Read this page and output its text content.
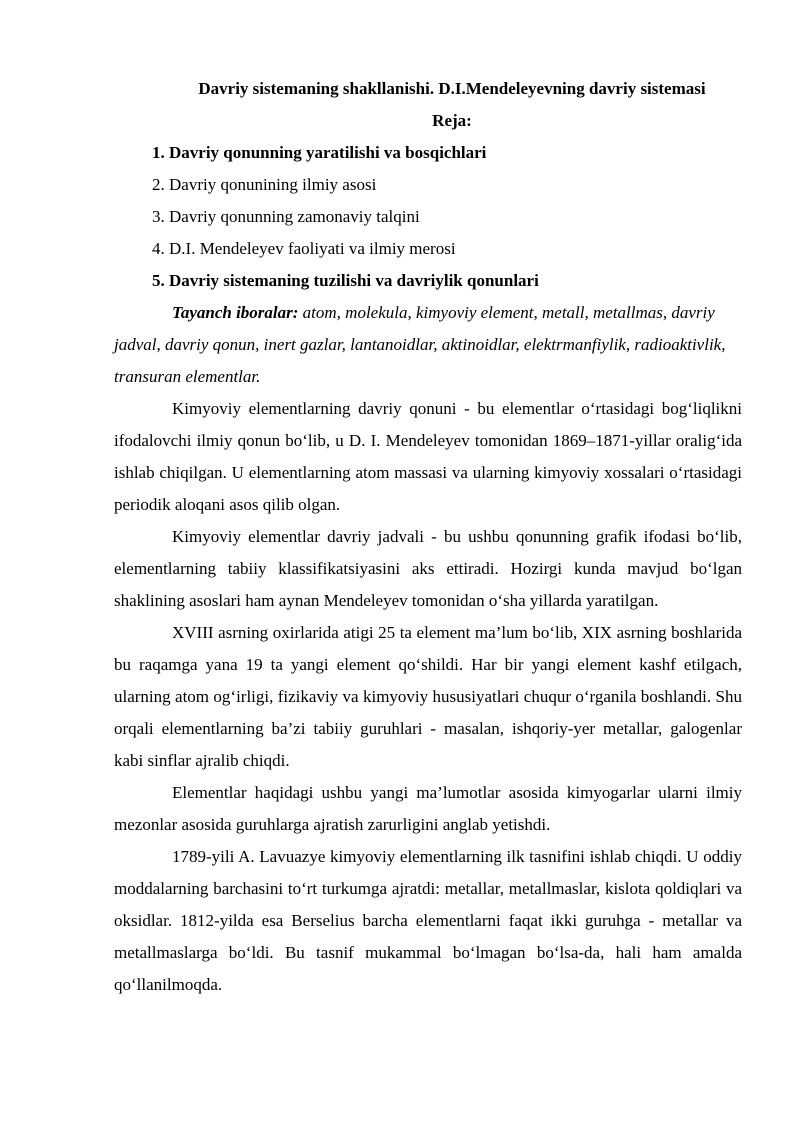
Davriy sistemaning shakllanishi. D.I.Mendeleyevning davriy sistemasi
Reja:
1. Davriy qonunning yaratilishi va bosqichlari
2. Davriy qonunining ilmiy asosi
3. Davriy qonunning zamonaviy talqini
4. D.I. Mendeleyev faoliyati va ilmiy merosi
5. Davriy sistemaning tuzilishi va davriylik qonunlari

Tayanch iboralar: atom, molekula, kimyoviy element, metall, metallmas, davriy jadval, davriy qonun, inert gazlar, lantanoidlar, aktinoidlar, elektrmanfiylik, radioaktivlik, transuran elementlar.

Kimyoviy elementlarning davriy qonuni - bu elementlar o‘rtasidagi bog‘liqlikni ifodalovchi ilmiy qonun bo‘lib, u D. I. Mendeleyev tomonidan 1869–1871-yillar oralig‘ida ishlab chiqilgan. U elementlarning atom massasi va ularning kimyoviy xossalari o‘rtasidagi periodik aloqani asos qilib olgan.

Kimyoviy elementlar davriy jadvali - bu ushbu qonunning grafik ifodasi bo‘lib, elementlarning tabiiy klassifikatsiyasini aks ettiradi. Hozirgi kunda mavjud bo‘lgan shaklining asoslari ham aynan Mendeleyev tomonidan o‘sha yillarda yaratilgan.

XVIII asrning oxirlarida atigi 25 ta element ma’lum bo‘lib, XIX asrning boshlarida bu raqamga yana 19 ta yangi element qo‘shildi. Har bir yangi element kashf etilgach, ularning atom og‘irligi, fizikaviy va kimyoviy hususiyatlari chuqur o‘rganila boshlandi. Shu orqali elementlarning ba’zi tabiiy guruhlari - masalan, ishqoriy-yer metallar, galogenlar kabi sinflar ajralib chiqdi.

Elementlar haqidagi ushbu yangi ma’lumotlar asosida kimyogarlar ularni ilmiy mezonlar asosida guruhlarga ajratish zarurligini anglab yetishdi.

1789-yili A. Lavuazye kimyoviy elementlarning ilk tasnifini ishlab chiqdi. U oddiy moddalarning barchasini to‘rt turkumga ajratdi: metallar, metallmaslar, kislota qoldiqlari va oksidlar. 1812-yilda esa Berselius barcha elementlarni faqat ikki guruhga - metallar va metallmaslarga bo‘ldi. Bu tasnif mukammal bo‘lmagan bo‘lsa-da, hali ham amalda qo‘llanilmoqda.
